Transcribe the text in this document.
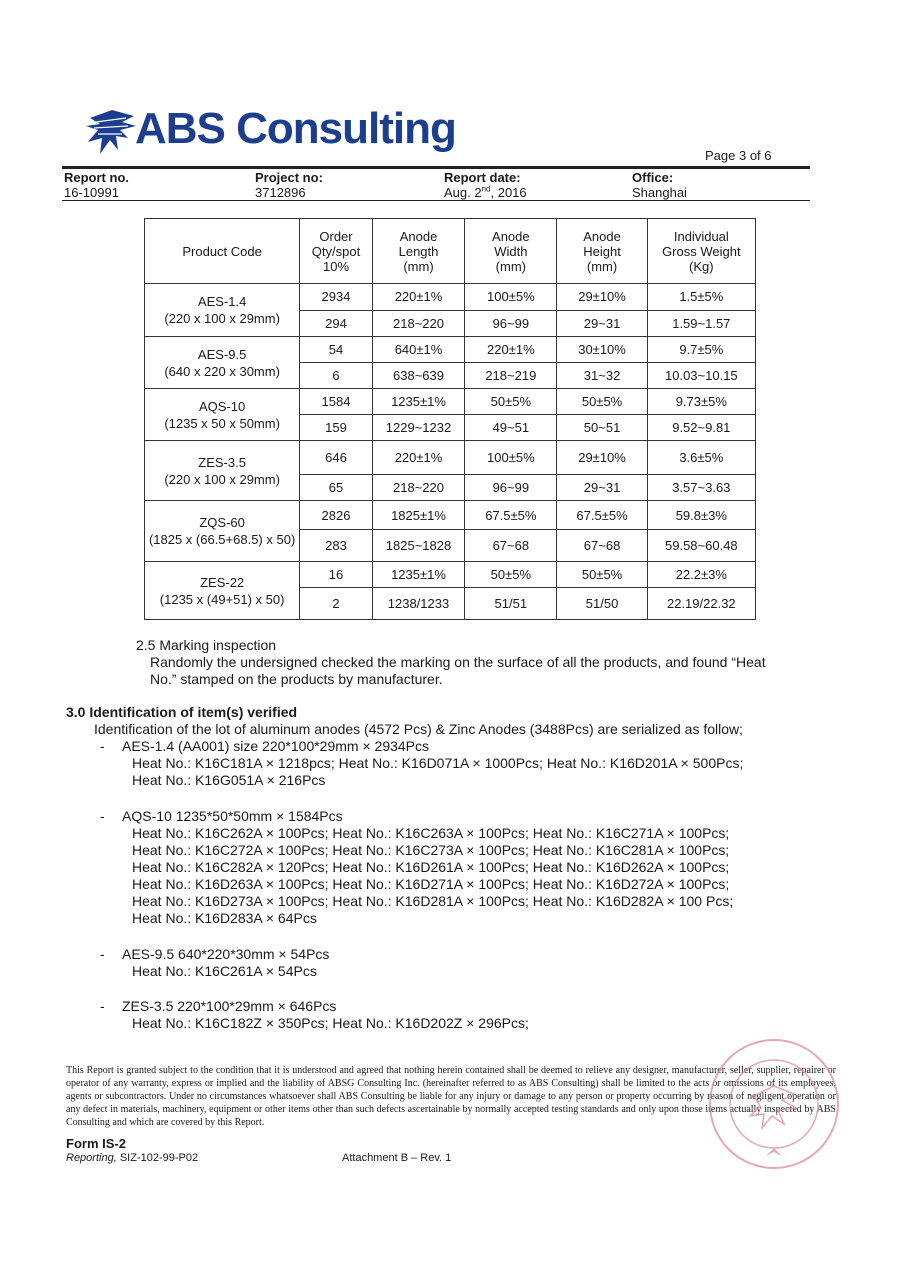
ABS Consulting
Page 3 of 6
Report no.
16-10991
Project no:
3712896
Report date:
Aug. 2nd, 2016
Office:
Shanghai
Product Code	Order
Qty/spot
10%	Anode
Length
(mm)	Anode
Width
(mm)	Anode
Height
(mm)	Individual
Gross Weight
(Kg)
AES-1.4
(220 x 100 x 29mm)	2934	220±1%	100±5%	29±10%	1.5±5%
	294	218~220	96~99	29~31	1.59~1.57
AES-9.5
(640 x 220 x 30mm)	54	640±1%	220±1%	30±10%	9.7±5%
	6	638~639	218~219	31~32	10.03~10.15
AQS-10
(1235 x 50 x 50mm)	1584	1235±1%	50±5%	50±5%	9.73±5%
	159	1229~1232	49~51	50~51	9.52~9.81
ZES-3.5
(220 x 100 x 29mm)	646	220±1%	100±5%	29±10%	3.6±5%
	65	218~220	96~99	29~31	3.57~3.63
ZQS-60
(1825 x (66.5+68.5) x 50)	2826	1825±1%	67.5±5%	67.5±5%	59.8±3%
	283	1825~1828	67~68	67~68	59.58~60.48
ZES-22
(1235 x (49+51) x 50)	16	1235±1%	50±5%	50±5%	22.2±3%
	2	1238/1233	51/51	51/50	22.19/22.32
2.5 Marking inspection
Randomly the undersigned checked the marking on the surface of all the products, and found “Heat
No.” stamped on the products by manufacturer.
3.0 Identification of item(s) verified
Identification of the lot of aluminum anodes (4572 Pcs) & Zinc Anodes (3488Pcs) are serialized as follow;
- AES-1.4 (AA001) size 220*100*29mm × 2934Pcs
Heat No.: K16C181A × 1218pcs; Heat No.: K16D071A × 1000Pcs; Heat No.: K16D201A × 500Pcs;
Heat No.: K16G051A × 216Pcs
- AQS-10 1235*50*50mm × 1584Pcs
Heat No.: K16C262A × 100Pcs; Heat No.: K16C263A × 100Pcs; Heat No.: K16C271A × 100Pcs;
Heat No.: K16C272A × 100Pcs; Heat No.: K16C273A × 100Pcs; Heat No.: K16C281A × 100Pcs;
Heat No.: K16C282A × 120Pcs; Heat No.: K16D261A × 100Pcs; Heat No.: K16D262A × 100Pcs;
Heat No.: K16D263A × 100Pcs; Heat No.: K16D271A × 100Pcs; Heat No.: K16D272A × 100Pcs;
Heat No.: K16D273A × 100Pcs; Heat No.: K16D281A × 100Pcs; Heat No.: K16D282A × 100 Pcs;
Heat No.: K16D283A × 64Pcs
- AES-9.5 640*220*30mm × 54Pcs
Heat No.: K16C261A × 54Pcs
- ZES-3.5 220*100*29mm × 646Pcs
Heat No.: K16C182Z × 350Pcs; Heat No.: K16D202Z × 296Pcs;
This Report is granted subject to the condition that it is understood and agreed that nothing herein contained shall be deemed to relieve any designer, manufacturer, seller, supplier, repairer or operator of any warranty, express or implied and the liability of ABSG Consulting Inc. (hereinafter referred to as ABS Consulting) shall be limited to the acts or omissions of its employees, agents or subcontractors. Under no circumstances whatsoever shall ABS Consulting be liable for any injury or damage to any person or property occurring by reason of negligent operation or any defect in materials, machinery, equipment or other items other than such defects ascertainable by normally accepted testing standards and only upon those items actually inspected by ABS Consulting and which are covered by this Report.
Form IS-2
Reporting, SIZ-102-99-P02	Attachment B – Rev. 1
